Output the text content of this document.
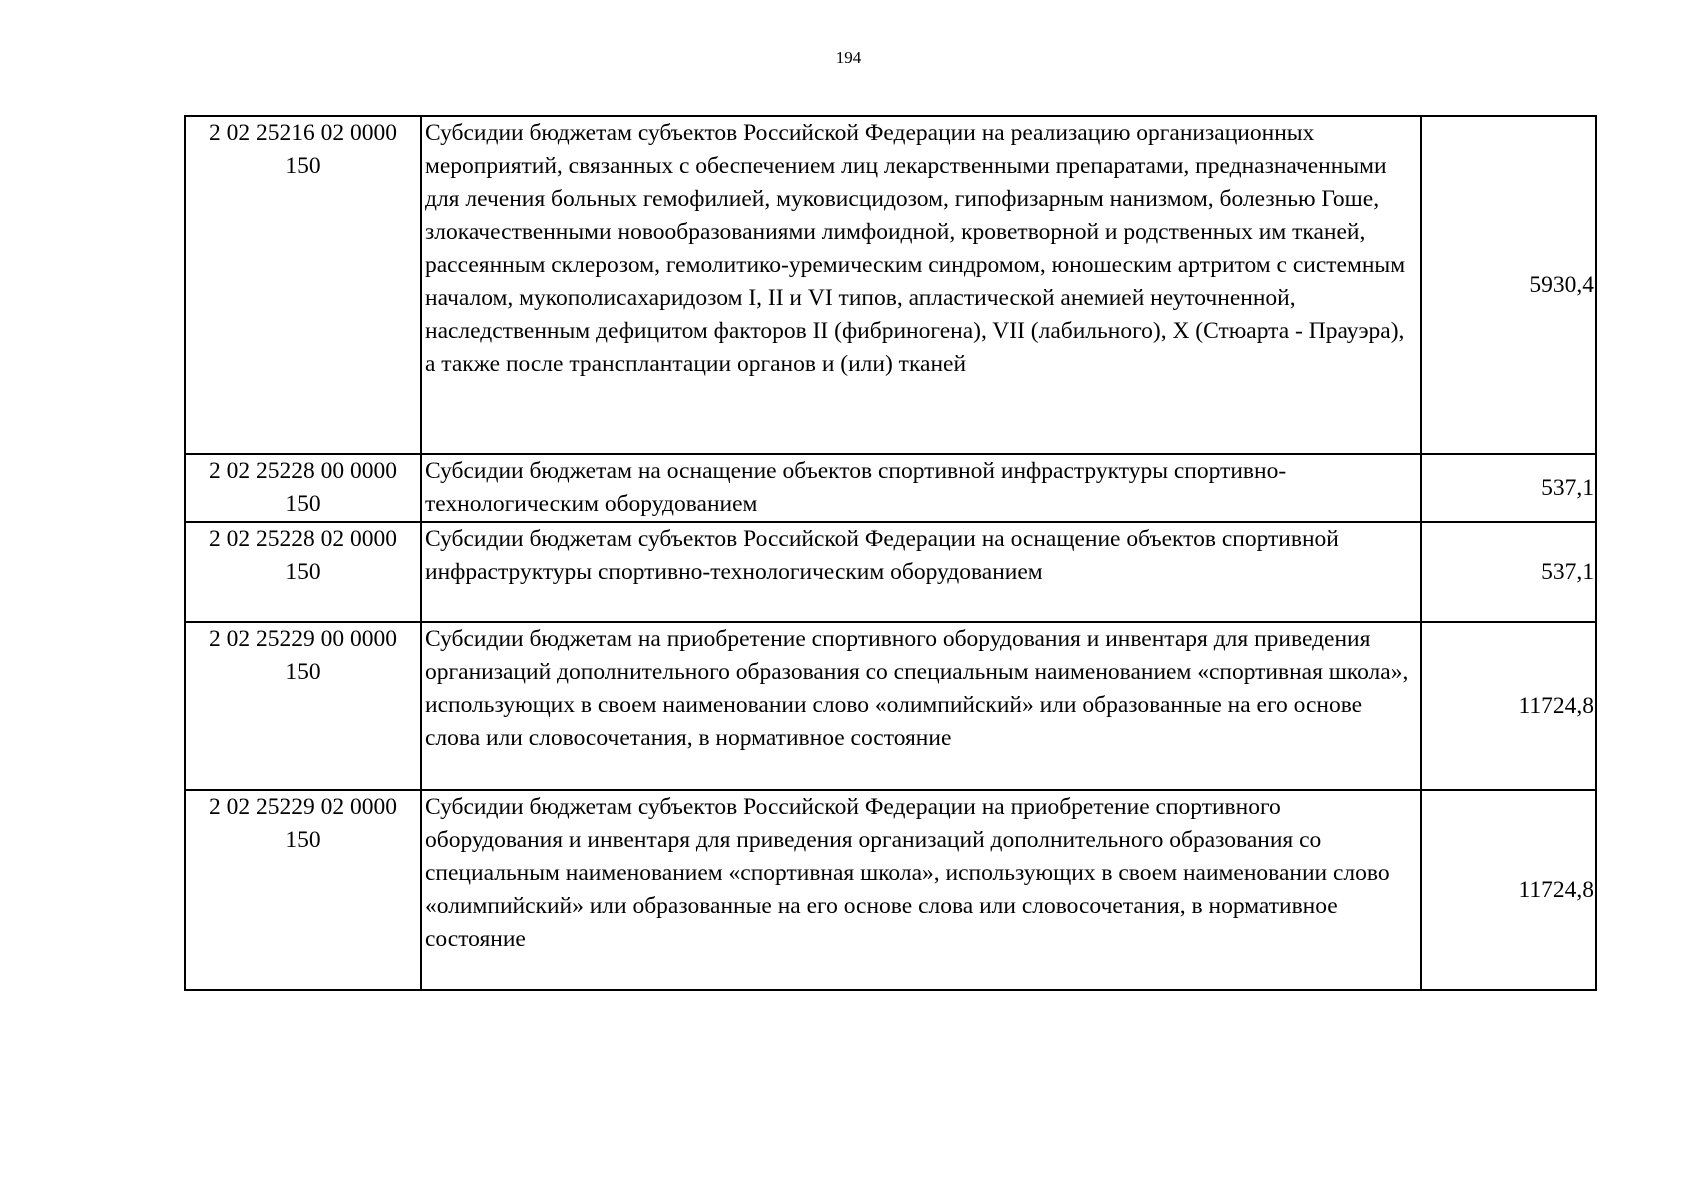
194
2 02 25216 02 0000
150	Субсидии бюджетам субъектов Российской Федерации на реализацию организационных мероприятий, связанных с обеспечением лиц лекарственными препаратами, предназначенными для лечения больных гемофилией, муковисцидозом, гипофизарным нанизмом, болезнью Гоше, злокачественными новообразованиями лимфоидной, кроветворной и родственных им тканей, рассеянным склерозом, гемолитико-уремическим синдромом, юношеским артритом с системным началом, мукополисахаридозом I, II и VI типов, апластической анемией неуточненной, наследственным дефицитом факторов II (фибриногена), VII (лабильного), X (Стюарта - Прауэра), а также после трансплантации органов и (или) тканей	5930,4
2 02 25228 00 0000
150	Субсидии бюджетам на оснащение объектов спортивной инфраструктуры спортивно-технологическим оборудованием	537,1
2 02 25228 02 0000
150	Субсидии бюджетам субъектов Российской Федерации на оснащение объектов спортивной инфраструктуры спортивно-технологическим оборудованием	537,1
2 02 25229 00 0000
150	Субсидии бюджетам на приобретение спортивного оборудования и инвентаря для приведения организаций дополнительного образования со специальным наименованием «спортивная школа», использующих в своем наименовании слово «олимпийский» или образованные на его основе слова или словосочетания, в нормативное состояние	11724,8
2 02 25229 02 0000
150	Субсидии бюджетам субъектов Российской Федерации на приобретение спортивного оборудования и инвентаря для приведения организаций дополнительного образования со специальным наименованием «спортивная школа», использующих в своем наименовании слово «олимпийский» или образованные на его основе слова или словосочетания, в нормативное состояние	11724,8
